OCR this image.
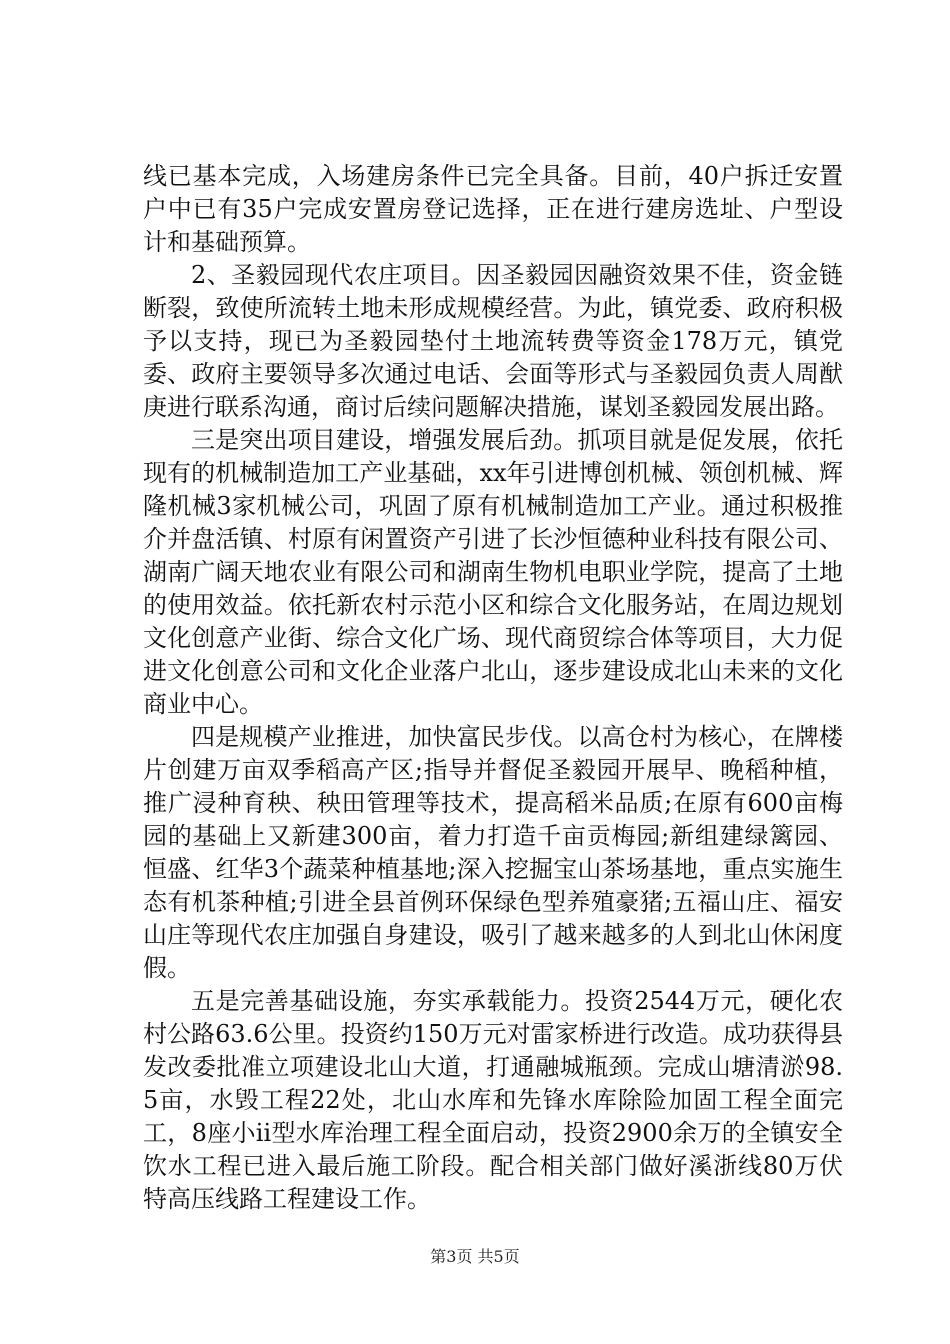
线已基本完成，入场建房条件已完全具备。目前，40户拆迁安置户中已有35户完成安置房登记选择，正在进行建房选址、户型设计和基础预算。

2、圣毅园现代农庄项目。因圣毅园因融资效果不佳，资金链断裂，致使所流转土地未形成规模经营。为此，镇党委、政府积极予以支持，现已为圣毅园垫付土地流转费等资金178万元，镇党委、政府主要领导多次通过电话、会面等形式与圣毅园负责人周猷庚进行联系沟通，商讨后续问题解决措施，谋划圣毅园发展出路。

三是突出项目建设，增强发展后劲。抓项目就是促发展，依托现有的机械制造加工产业基础，xx年引进博创机械、领创机械、辉隆机械3家机械公司，巩固了原有机械制造加工产业。通过积极推介并盘活镇、村原有闲置资产引进了长沙恒德种业科技有限公司、湖南广阔天地农业有限公司和湖南生物机电职业学院，提高了土地的使用效益。依托新农村示范小区和综合文化服务站，在周边规划文化创意产业街、综合文化广场、现代商贸综合体等项目，大力促进文化创意公司和文化企业落户北山，逐步建设成北山未来的文化商业中心。

四是规模产业推进，加快富民步伐。以高仓村为核心，在牌楼片创建万亩双季稻高产区;指导并督促圣毅园开展早、晚稻种植，推广浸种育秧、秧田管理等技术，提高稻米品质;在原有600亩梅园的基础上又新建300亩，着力打造千亩贡梅园;新组建绿篱园、恒盛、红华3个蔬菜种植基地;深入挖掘宝山茶场基地，重点实施生态有机茶种植;引进全县首例环保绿色型养殖豪猪;五福山庄、福安山庄等现代农庄加强自身建设，吸引了越来越多的人到北山休闲度假。

五是完善基础设施，夯实承载能力。投资2544万元，硬化农村公路63.6公里。投资约150万元对雷家桥进行改造。成功获得县发改委批准立项建设北山大道，打通融城瓶颈。完成山塘清淤98.5亩，水毁工程22处，北山水库和先锋水库除险加固工程全面完工，8座小ii型水库治理工程全面启动，投资2900余万的全镇安全饮水工程已进入最后施工阶段。配合相关部门做好溪浙线80万伏特高压线路工程建设工作。

第3页 共5页
